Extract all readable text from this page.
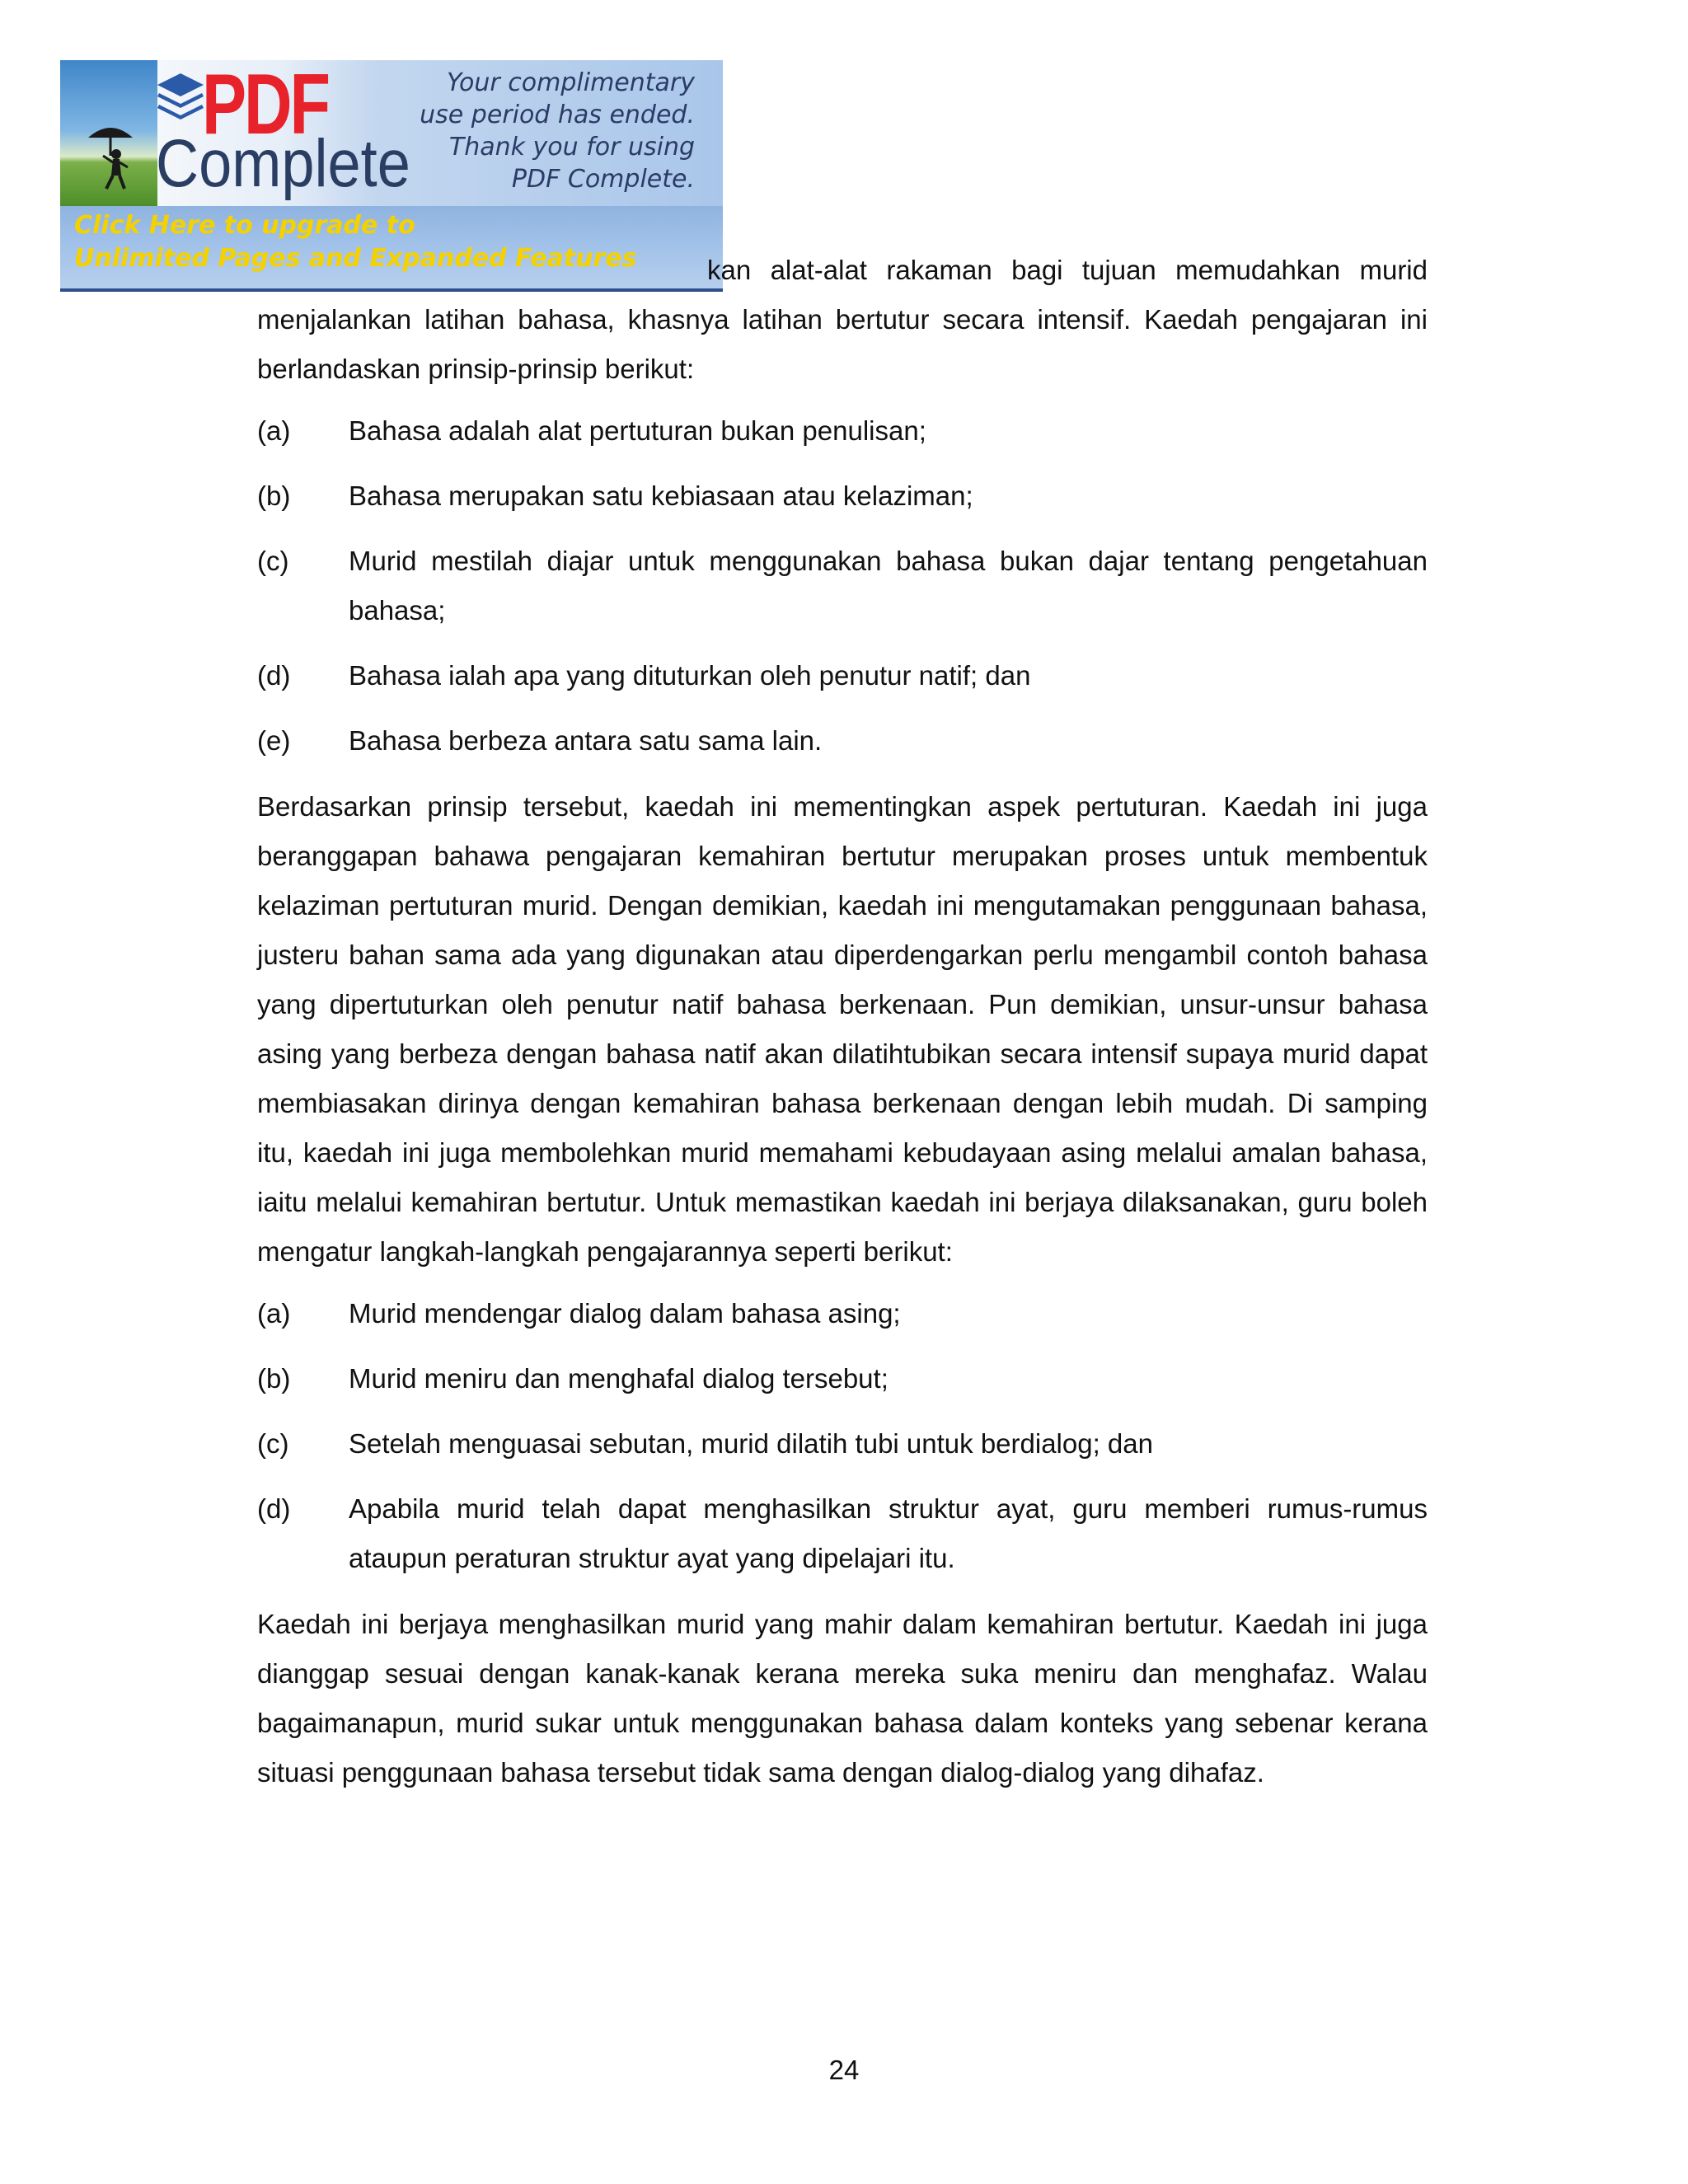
PDF
Complete
Your complimentary
use period has ended.
Thank you for using
PDF Complete.
Click Here to upgrade to
Unlimited Pages and Expanded Features	kan alat-alat rakaman bagi tujuan memudahkan murid

menjalankan latihan bahasa, khasnya latihan bertutur secara intensif. Kaedah pengajaran ini berlandaskan prinsip-prinsip berikut:

(a)	Bahasa adalah alat pertuturan bukan penulisan;
(b)	Bahasa merupakan satu kebiasaan atau kelaziman;
(c)	Murid mestilah diajar untuk menggunakan bahasa bukan dajar tentang pengetahuan bahasa;
(d)	Bahasa ialah apa yang dituturkan oleh penutur natif; dan
(e)	Bahasa berbeza antara satu sama lain.

Berdasarkan prinsip tersebut, kaedah ini mementingkan aspek pertuturan. Kaedah ini juga beranggapan bahawa pengajaran kemahiran bertutur merupakan proses untuk membentuk kelaziman pertuturan murid. Dengan demikian, kaedah ini mengutamakan penggunaan bahasa, justeru bahan sama ada yang digunakan atau diperdengarkan perlu mengambil contoh bahasa yang dipertuturkan oleh penutur natif bahasa berkenaan. Pun demikian, unsur-unsur bahasa asing yang berbeza dengan bahasa natif akan dilatihtubikan secara intensif supaya murid dapat membiasakan dirinya dengan kemahiran bahasa berkenaan dengan lebih mudah. Di samping itu, kaedah ini juga membolehkan murid memahami kebudayaan asing melalui amalan bahasa, iaitu melalui kemahiran bertutur. Untuk memastikan kaedah ini berjaya dilaksanakan, guru boleh mengatur langkah-langkah pengajarannya seperti berikut:

(a)	Murid mendengar dialog dalam bahasa asing;
(b)	Murid meniru dan menghafal dialog tersebut;
(c)	Setelah menguasai sebutan, murid dilatih tubi untuk berdialog; dan
(d)	Apabila murid telah dapat menghasilkan struktur ayat, guru memberi rumus-rumus ataupun peraturan struktur ayat yang dipelajari itu.

Kaedah ini berjaya menghasilkan murid yang mahir dalam kemahiran bertutur. Kaedah ini juga dianggap sesuai dengan kanak-kanak kerana mereka suka meniru dan menghafaz. Walau bagaimanapun, murid sukar untuk menggunakan bahasa dalam konteks yang sebenar kerana situasi penggunaan bahasa tersebut tidak sama dengan dialog-dialog yang dihafaz.

24
